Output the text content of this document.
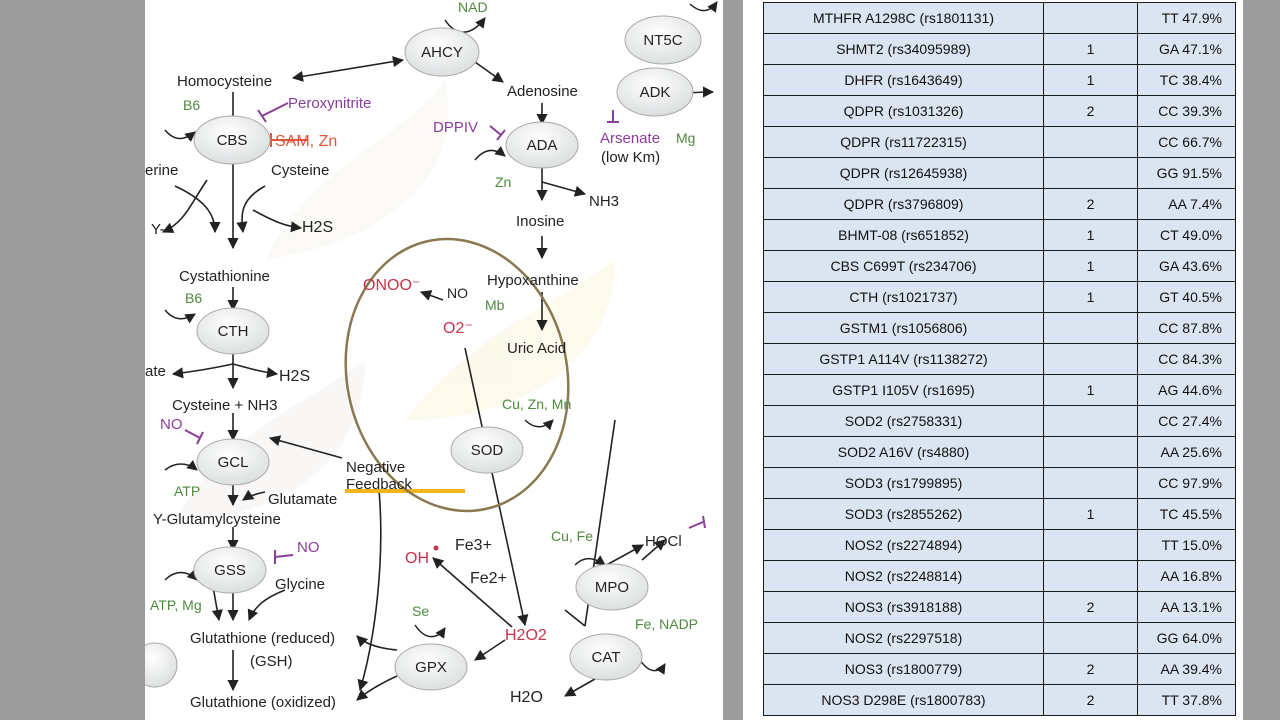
AHCY
NT5C
ADK
CBS	ADA
CTH
SOD
GCL
GSS
MPO
GPX
CAT
Homocysteine
Adenosine
Inosine
Hypoxanthine
Uric Acid
Cystathionine
Cysteine
Cysteine + NH3
Glutamate
Y-Glutamylcysteine
Glycine
Glutathione (reduced)
(GSH)
Glutathione (oxidized)
erine
ate
Y-
NH3
HOCl
Negative Feedback
H2S
H2S
ONOO⁻ NO
O2⁻
OH
Fe3+
Fe2+
H2O2
H2O
NAD
B6
B6
Zn
Mg
Mb
Cu, Zn, Mn
ATP
ATP, Mg	Se
Cu, Fe
Fe, NADP
Peroxynitrite
DPPIV
Arsenate
NO
NO
(low Km)
SAM, Zn
MTHFR A1298C (rs1801131)		TT 47.9%
SHMT2 (rs34095989)	1	GA 47.1%
DHFR (rs1643649)	1	TC 38.4%
QDPR (rs1031326)	2	CC 39.3%
QDPR (rs11722315)		CC 66.7%
QDPR (rs12645938)		GG 91.5%
QDPR (rs3796809)	2	AA 7.4%
BHMT-08 (rs651852)	1	CT 49.0%
CBS C699T (rs234706)	1	GA 43.6%
CTH (rs1021737)	1	GT 40.5%
GSTM1 (rs1056806)		CC 87.8%
GSTP1 A114V (rs1138272)		CC 84.3%
GSTP1 I105V (rs1695)	1	AG 44.6%
SOD2 (rs2758331)		CC 27.4%
SOD2 A16V (rs4880)		AA 25.6%
SOD3 (rs1799895)		CC 97.9%
SOD3 (rs2855262)	1	TC 45.5%
NOS2 (rs2274894)		TT 15.0%
NOS2 (rs2248814)		AA 16.8%
NOS3 (rs3918188)	2	AA 13.1%
NOS2 (rs2297518)		GG 64.0%
NOS3 (rs1800779)	2	AA 39.4%
NOS3 D298E (rs1800783)	2	TT 37.8%
